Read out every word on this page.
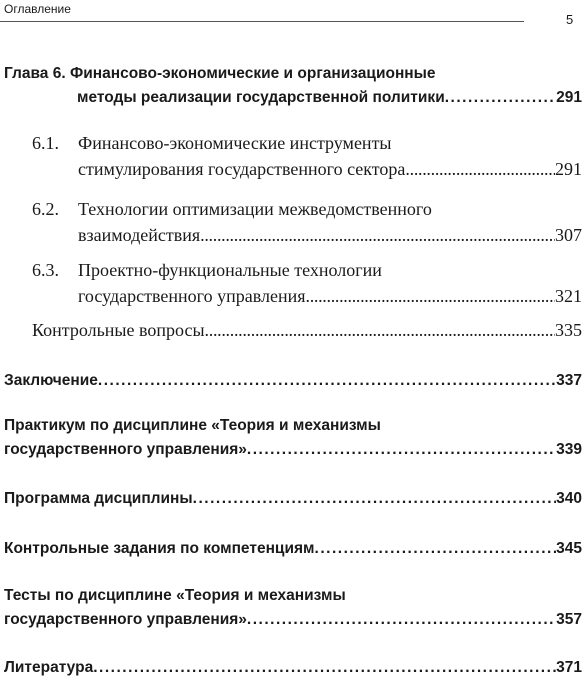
Оглавление
5
Глава 6. Финансово-экономические и организационные
методы реализации государственной политики . . .	291
6.1. Финансово-экономические инструменты
стимулирования государственного сектора . . .	291
6.2. Технологии оптимизации межведомственного
взаимодействия . . .	307
6.3. Проектно-функциональные технологии
государственного управления . . .	321
Контрольные вопросы . . .	335
Заключение . . .	337
Практикум по дисциплине «Теория и механизмы
государственного управления» . . .	339
Программа дисциплины . . .	340
Контрольные задания по компетенциям . . .	345
Тесты по дисциплине «Теория и механизмы
государственного управления» . . .	357
Литература . . .	371
